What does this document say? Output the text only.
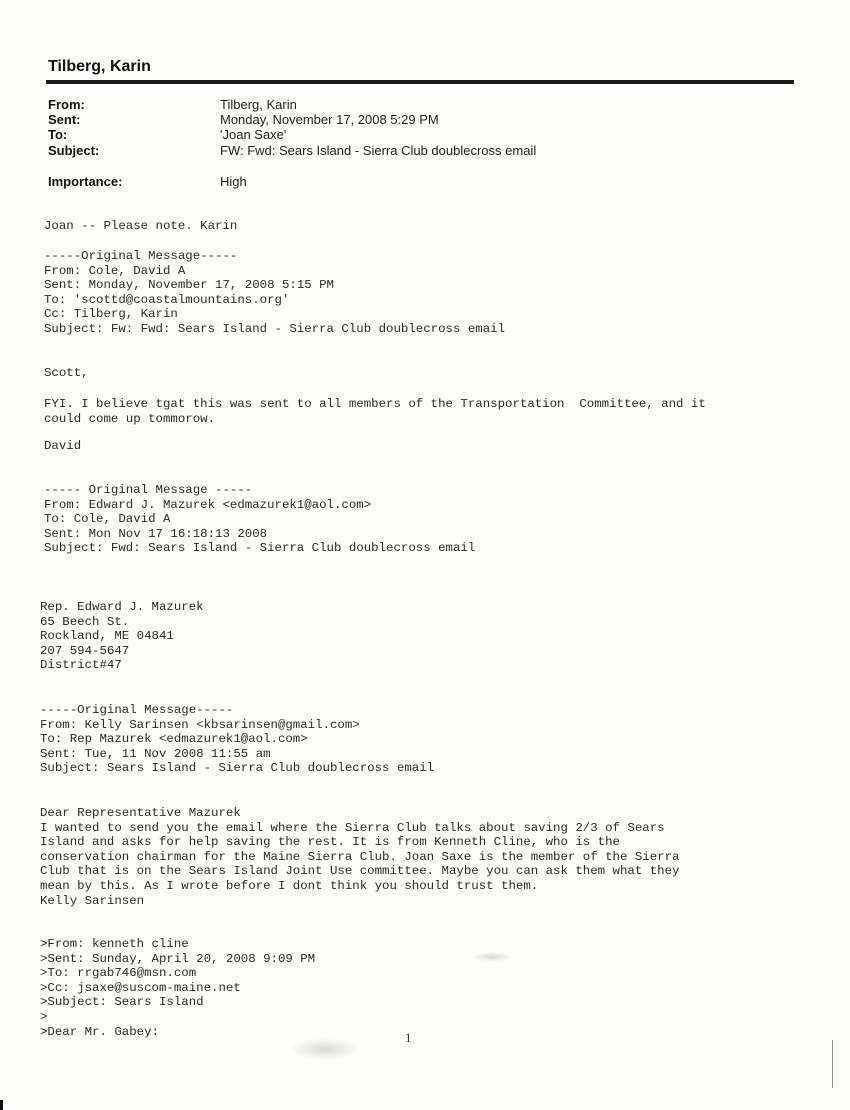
Tilberg, Karin
From:	Tilberg, Karin
Sent:	Monday, November 17, 2008 5:29 PM
To:	'Joan Saxe'
Subject:	FW: Fwd: Sears Island - Sierra Club doublecross email
Importance:	High
Joan -- Please note. Karin
-----Original Message-----
From: Cole, David A
Sent: Monday, November 17, 2008 5:15 PM
To: 'scottd@coastalmountains.org'
Cc: Tilberg, Karin
Subject: Fw: Fwd: Sears Island - Sierra Club doublecross email
Scott,
FYI. I believe tgat this was sent to all members of the Transportation  Committee, and it
could come up tommorow.
David
----- Original Message -----
From: Edward J. Mazurek <edmazurek1@aol.com>
To: Cole, David A
Sent: Mon Nov 17 16:18:13 2008
Subject: Fwd: Sears Island - Sierra Club doublecross email
Rep. Edward J. Mazurek
65 Beech St.
Rockland, ME 04841
207 594-5647
District#47
-----Original Message-----
From: Kelly Sarinsen <kbsarinsen@gmail.com>
To: Rep Mazurek <edmazurek1@aol.com>
Sent: Tue, 11 Nov 2008 11:55 am
Subject: Sears Island - Sierra Club doublecross email
Dear Representative Mazurek
I wanted to send you the email where the Sierra Club talks about saving 2/3 of Sears
Island and asks for help saving the rest. It is from Kenneth Cline, who is the
conservation chairman for the Maine Sierra Club. Joan Saxe is the member of the Sierra
Club that is on the Sears Island Joint Use committee. Maybe you can ask them what they
mean by this. As I wrote before I dont think you should trust them.
Kelly Sarinsen
>From: kenneth cline
>Sent: Sunday, April 20, 2008 9:09 PM
>To: rrgab746@msn.com
>Cc: jsaxe@suscom-maine.net
>Subject: Sears Island
>
>Dear Mr. Gabey:	1
